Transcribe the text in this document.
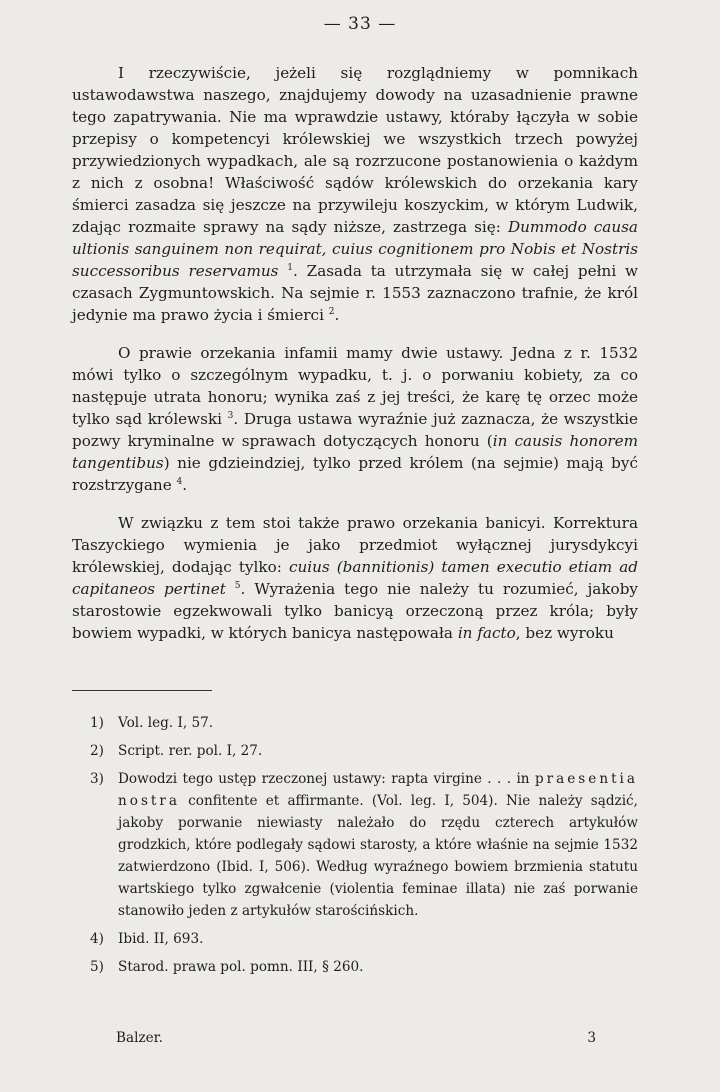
— 33 —

I rzeczywiście, jeżeli się rozglądniemy w pomnikach ustawodawstwa naszego, znajdujemy dowody na uzasadnienie prawne tego zapatrywania. Nie ma wprawdzie ustawy, któraby łączyła w sobie przepisy o kompetencyi królewskiej we wszystkich trzech powyżej przywiedzionych wypadkach, ale są rozrzucone postanowienia o każdym z nich z osobna! Właściwość sądów królewskich do orzekania kary śmierci zasadza się jeszcze na przywileju koszyckim, w którym Ludwik, zdając rozmaite sprawy na sądy niższe, zastrzega się: Dummodo causa ultionis sanguinem non requirat, cuius cognitionem pro Nobis et Nostris successoribus reservamus $^1$. Zasada ta utrzymała się w całej pełni w czasach Zygmuntowskich. Na sejmie r. 1553 zaznaczono trafnie, że król jedynie ma prawo życia i śmierci $^2$.

O prawie orzekania infamii mamy dwie ustawy. Jedna z r. 1532 mówi tylko o szczególnym wypadku, t. j. o porwaniu kobiety, za co następuje utrata honoru; wynika zaś z jej treści, że karę tę orzec może tylko sąd królewski $^3$. Druga ustawa wyraźnie już zaznacza, że wszystkie pozwy kryminalne w sprawach dotyczących honoru (in causis honorem tangentibus) nie gdzieindziej, tylko przed królem (na sejmie) mają być rozstrzygane $^4$.

W związku z tem stoi także prawo orzekania banicyi. Korrektura Taszyckiego wymienia je jako przedmiot wyłącznej jurysdykcyi królewskiej, dodając tylko: cuius (bannitionis) tamen executio etiam ad capitaneos pertinet $^5$. Wyrażenia tego nie należy tu rozumieć, jakoby starostowie egzekwowali tylko banicyą orzeczoną przez króla; były bowiem wypadki, w których banicya następowała in facto, bez wyroku

1) Vol. leg. I, 57.
2) Script. rer. pol. I, 27.
3) Dowodzi tego ustęp rzeczonej ustawy: rapta virgine . . . in praesentia nostra confitente et affirmante. (Vol. leg. I, 504). Nie należy sądzić, jakoby porwanie niewiasty należało do rzędu czterech artykułów grodzkich, które podlegały sądowi starosty, a które właśnie na sejmie 1532 zatwierdzono (Ibid. I, 506). Według wyraźnego bowiem brzmienia statutu wartskiego tylko zgwałcenie (violentia feminae illata) nie zaś porwanie stanowiło jeden z artykułów starościńskich.
4) Ibid. II, 693.
5) Starod. prawa pol. pomn. III, § 260.
Balzer.	3
